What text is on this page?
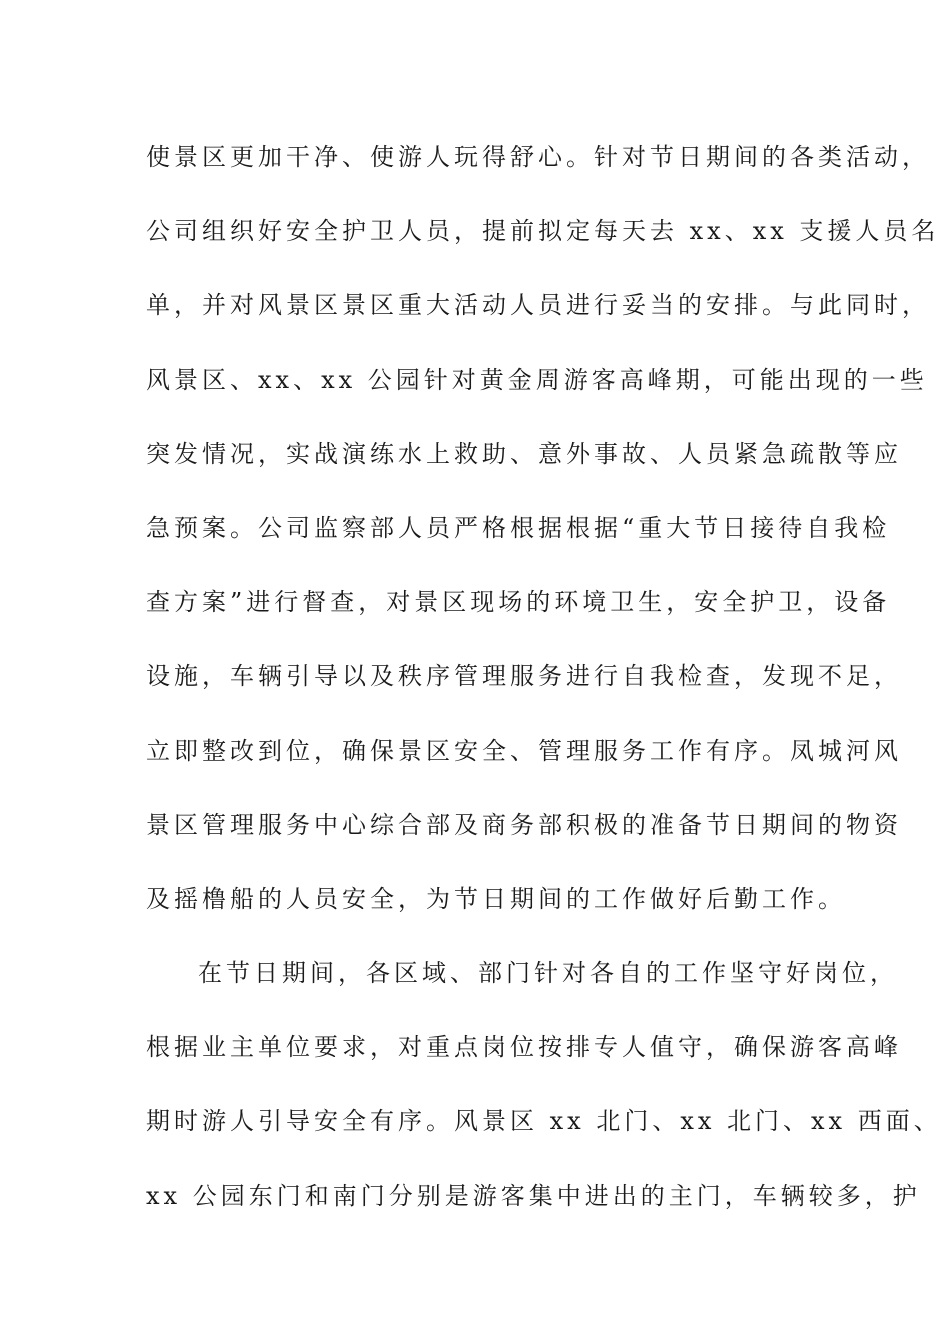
使景区更加干净、使游人玩得舒心。针对节日期间的各类活动，
公司组织好安全护卫人员，提前拟定每天去 xx、xx 支援人员名
单，并对风景区景区重大活动人员进行妥当的安排。与此同时，
风景区、xx、xx 公园针对黄金周游客高峰期，可能出现的一些
突发情况，实战演练水上救助、意外事故、人员紧急疏散等应
急预案。公司监察部人员严格根据根据“重大节日接待自我检
查方案”进行督查，对景区现场的环境卫生，安全护卫，设备
设施，车辆引导以及秩序管理服务进行自我检查，发现不足，
立即整改到位，确保景区安全、管理服务工作有序。凤城河风
景区管理服务中心综合部及商务部积极的准备节日期间的物资
及摇橹船的人员安全，为节日期间的工作做好后勤工作。
在节日期间，各区域、部门针对各自的工作坚守好岗位，
根据业主单位要求，对重点岗位按排专人值守，确保游客高峰
期时游人引导安全有序。风景区 xx 北门、xx 北门、xx 西面、
xx 公园东门和南门分别是游客集中进出的主门，车辆较多，护
